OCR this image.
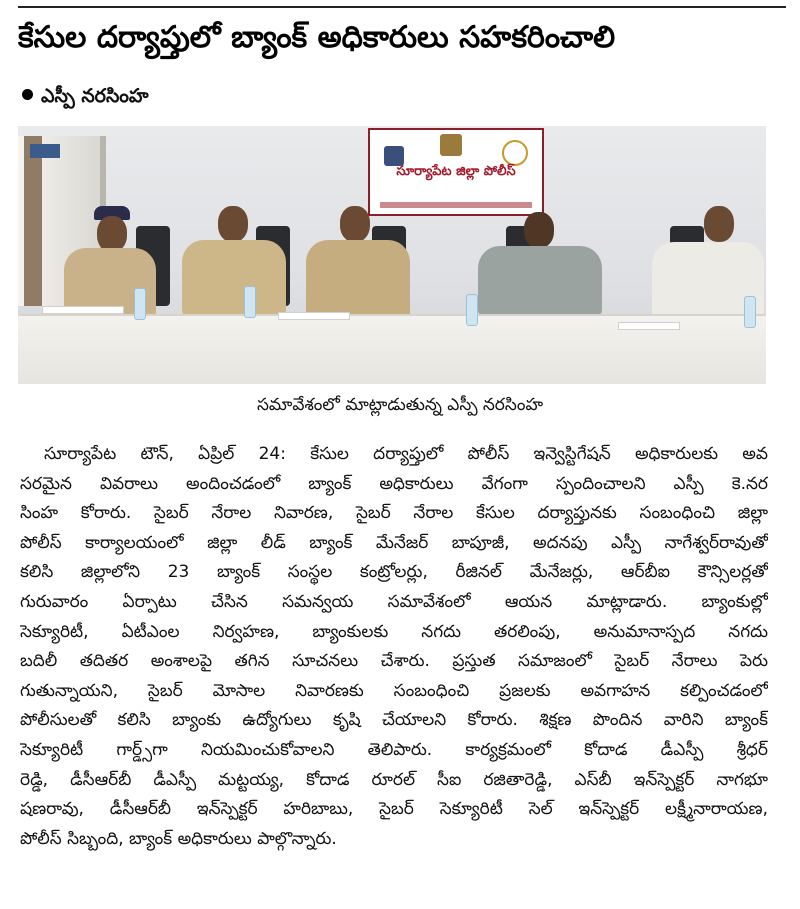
కేసుల దర్యాప్తులో బ్యాంక్ అధికారులు సహకరించాలి
ఎస్పీ నరసింహ
సూర్యాపేట జిల్లా పోలీస్
సమావేశంలో మాట్లాడుతున్న ఎస్పీ నరసింహ
సూర్యాపేట టౌన్, ఏప్రిల్ 24: కేసుల దర్యాప్తులో పోలీస్ ఇన్వెస్టిగేషన్ అధికారులకు అవ
సరమైన వివరాలు అందించడంలో బ్యాంక్ అధికారులు వేగంగా స్పందించాలని ఎస్పీ కె.నర
సింహ కోరారు. సైబర్ నేరాల నివారణ, సైబర్ నేరాల కేసుల దర్యాప్తునకు సంబంధించి జిల్లా
పోలీస్ కార్యాలయంలో జిల్లా లీడ్ బ్యాంక్ మేనేజర్ బాపూజీ, అదనపు ఎస్పీ నాగేశ్వర్‌రావుతో
కలిసి జిల్లాలోని 23 బ్యాంక్ సంస్థల కంట్రోలర్లు, రీజినల్ మేనేజర్లు, ఆర్‌బీఐ కౌన్సిలర్లతో
గురువారం ఏర్పాటు చేసిన సమన్వయ సమావేశంలో ఆయన మాట్లాడారు. బ్యాంకుల్లో
సెక్యూరిటీ, ఏటీఎంల నిర్వహణ, బ్యాంకులకు నగదు తరలింపు, అనుమానాస్పద నగదు
బదిలీ తదితర అంశాలపై తగిన సూచనలు చేశారు. ప్రస్తుత సమాజంలో సైబర్ నేరాలు పెరు
గుతున్నాయని, సైబర్ మోసాల నివారణకు సంబంధించి ప్రజలకు అవగాహన కల్పించడంలో
పోలీసులతో కలిసి బ్యాంకు ఉద్యోగులు కృషి చేయాలని కోరారు. శిక్షణ పొందిన వారిని బ్యాంక్
సెక్యూరిటీ గార్డ్స్‌గా నియమించుకోవాలని తెలిపారు. కార్యక్రమంలో కోదాడ డీఎస్పీ శ్రీధర్
రెడ్డి, డీసీఆర్‌బీ డీఎస్పీ మట్టయ్య, కోదాడ రూరల్ సీఐ రజితారెడ్డి, ఎస్‌బీ ఇన్‌స్పెక్టర్ నాగభూ
షణరావు, డీసీఆర్‌బీ ఇన్‌స్పెక్టర్ హరిబాబు, సైబర్ సెక్యూరిటీ సెల్ ఇన్‌స్పెక్టర్ లక్ష్మీనారాయణ,
పోలీస్ సిబ్బంది, బ్యాంక్ అధికారులు పాల్గొన్నారు.
